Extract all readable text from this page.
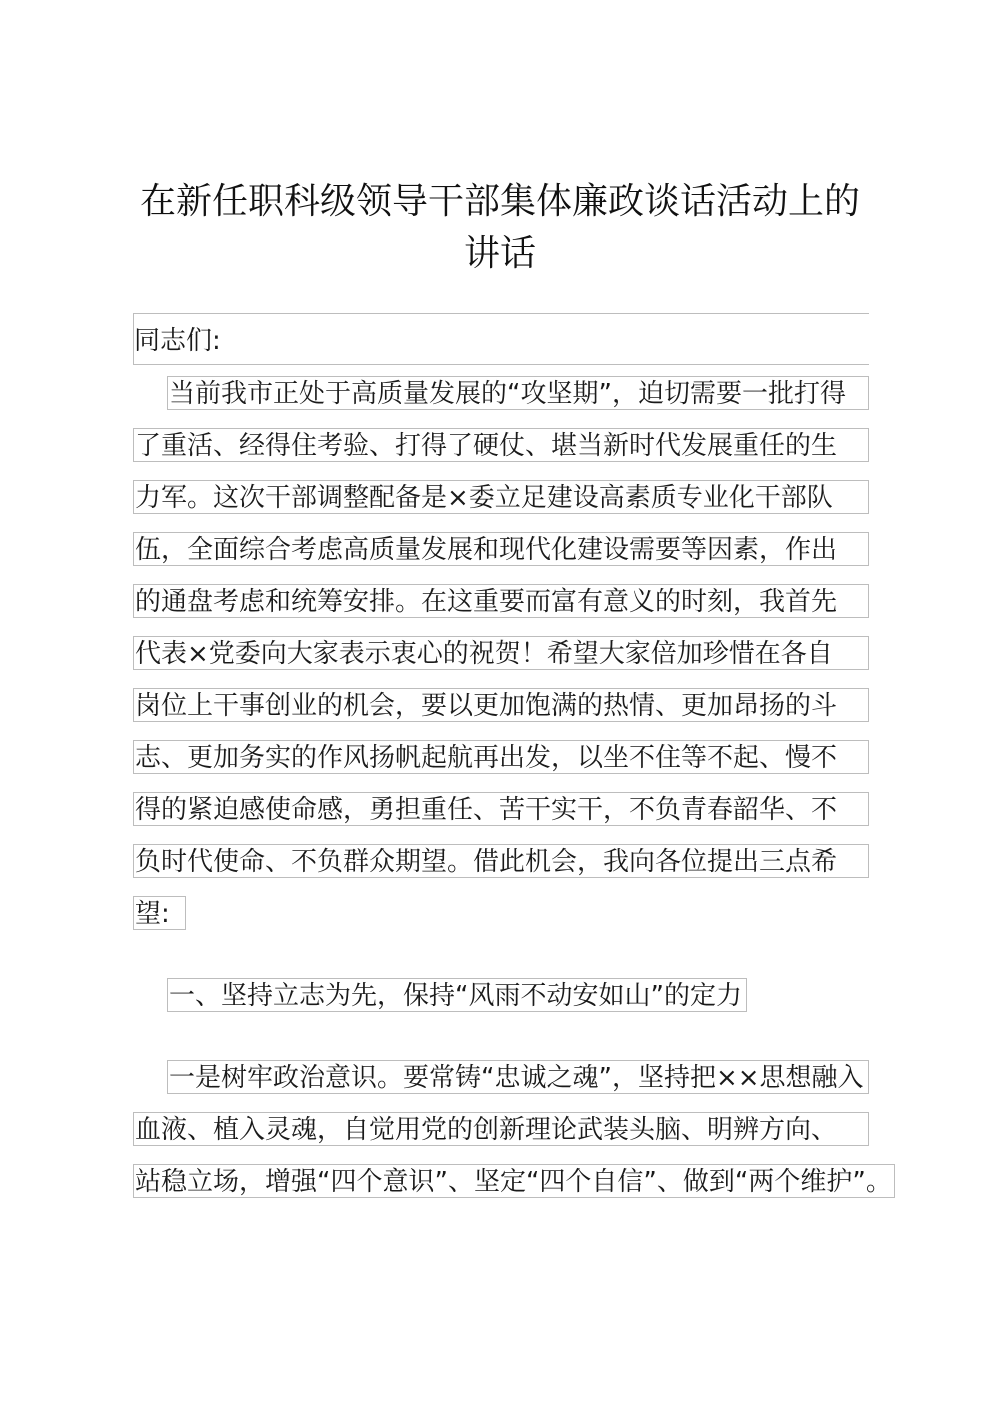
在新任职科级领导干部集体廉政谈话活动上的
讲话
同志们:
当前我市正处于高质量发展的“攻坚期”，迫切需要一批打得
了重活、经得住考验、打得了硬仗、堪当新时代发展重任的生
力军。这次干部调整配备是×委立足建设高素质专业化干部队
伍，全面综合考虑高质量发展和现代化建设需要等因素，作出
的通盘考虑和统筹安排。在这重要而富有意义的时刻，我首先
代表×党委向大家表示衷心的祝贺！希望大家倍加珍惜在各自
岗位上干事创业的机会，要以更加饱满的热情、更加昂扬的斗
志、更加务实的作风扬帆起航再出发，以坐不住等不起、慢不
得的紧迫感使命感，勇担重任、苦干实干，不负青春韶华、不
负时代使命、不负群众期望。借此机会，我向各位提出三点希
望:
一、坚持立志为先，保持“风雨不动安如山”的定力
一是树牢政治意识。要常铸“忠诚之魂”，坚持把××思想融入
血液、植入灵魂，自觉用党的创新理论武装头脑、明辨方向、
站稳立场，增强“四个意识”、坚定“四个自信”、做到“两个维护”。
